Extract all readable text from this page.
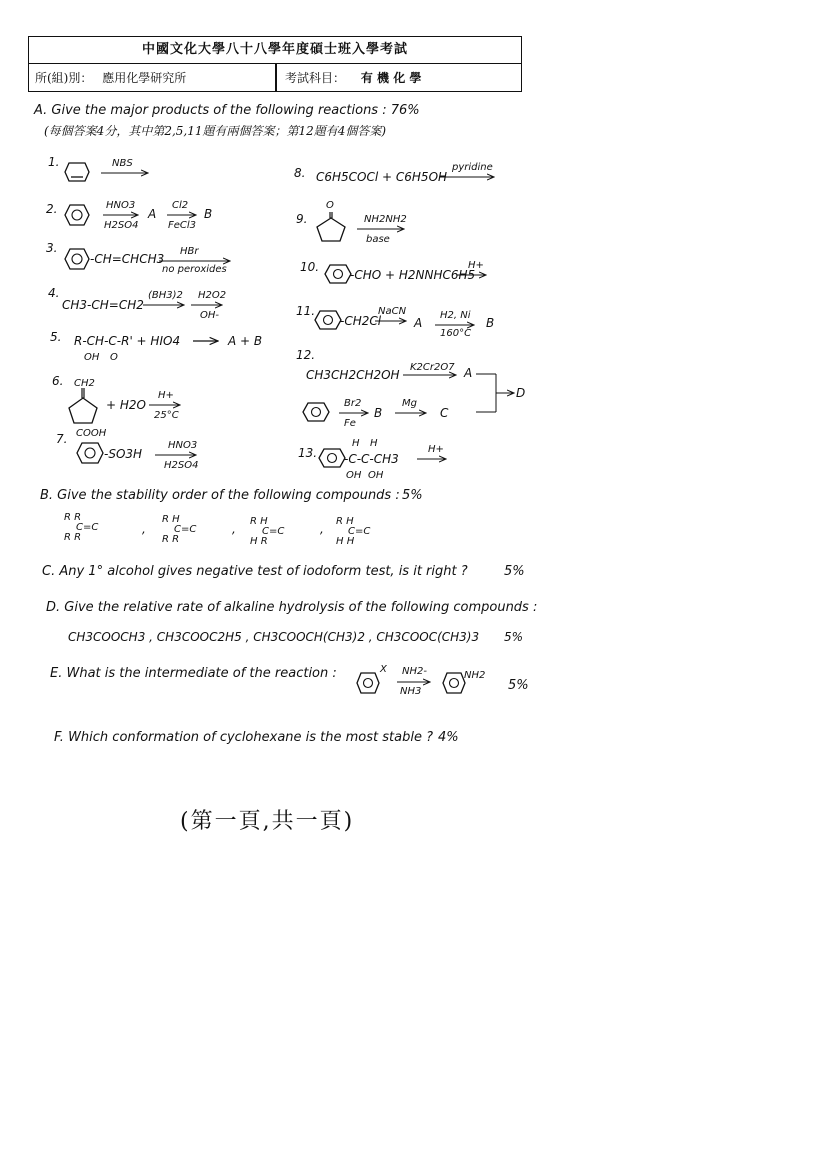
中國文化大學八十八學年度碩士班入學考試
所(組)別： 應用化學研究所	考試科目： 有 機 化 學
A. Give the major products of the following reactions : 76%
(每個答案4分，其中第2,5,11題有兩個答案；第12題有4個答案)
1.	NBS
2.	HNO3
H2SO4
A
Cl2
FeCl3
B
3.
-CH=CHCH3
HBr
no peroxides
4.
CH3-CH=CH2
(BH3)2 H2O2
OH-
5. R-CH-C-R' + HIO4
OH O
A + B
6. CH2
+ H2O
H+
25°C
7. COOH
-SO3H
HNO3
H2SO4
8. C6H5COCl + C6H5OH
pyridine
9.
O
NH2NH2
base
10.
-CHO + H2NNHC6H5
H+
11.
-CH2Cl
NaCN
A
H2, Ni
160°C
B
12.
CH3CH2CH2OH
K2Cr2O7 A
Br2
Fe
B
Mg
C
D
13.
H H
-C-C-CH3
OH OH
H+
B. Give the stability order of the following compounds : 5%
R R
C=C
R R
,
R H
C=C
R R
,
R H
C=C
H R
,
R H
C=C
H H
C. Any 1° alcohol gives negative test of iodoform test, is it right ?	5%
D. Give the relative rate of alkaline hydrolysis of the following compounds :
CH3COOCH3 , CH3COOC2H5 , CH3COOCH(CH3)2 , CH3COOC(CH3)3 5%
E. What is the intermediate of the reaction :	X NH2-
NH3
NH2
5%
F. Which conformation of cyclohexane is the most stable ? 4%
(第一頁,共一頁)
